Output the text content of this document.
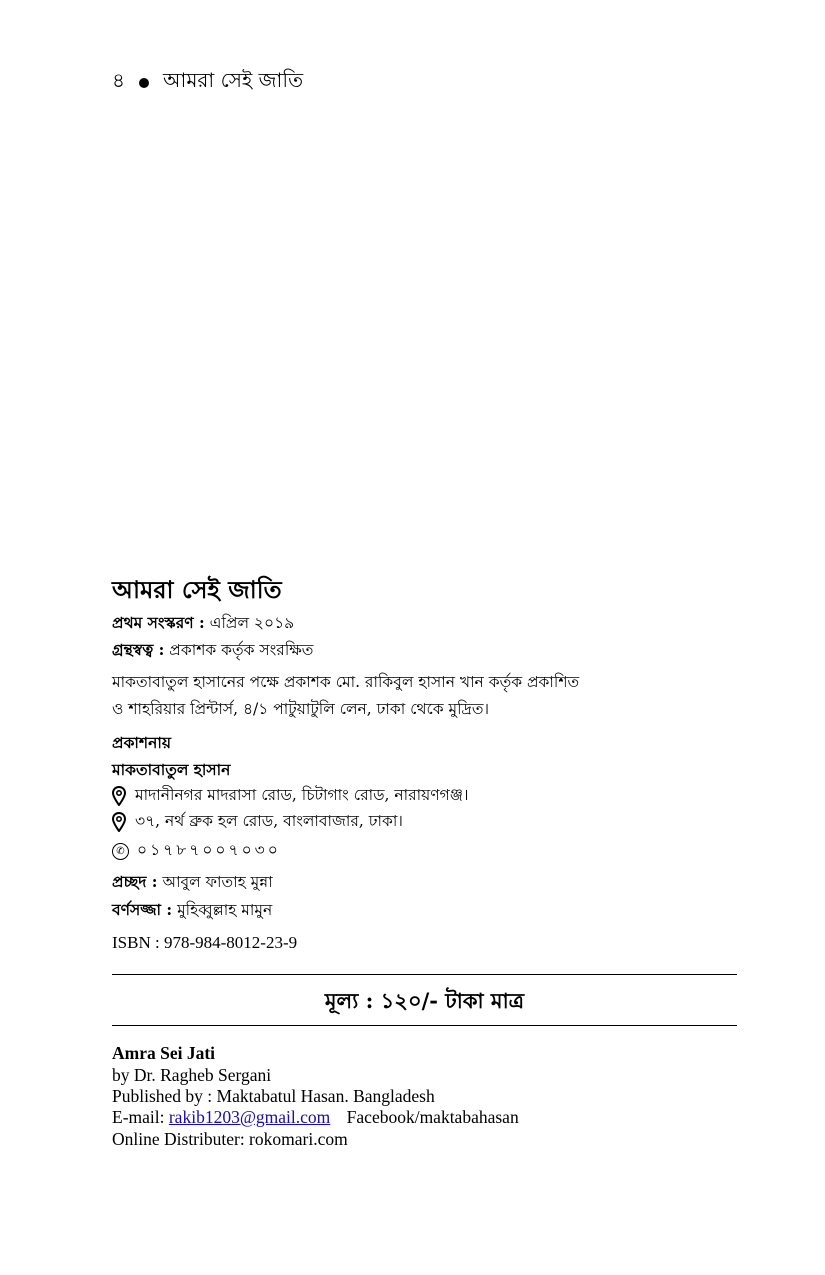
৪ আমরা সেই জাতি
আমরা সেই জাতি
প্রথম সংস্করণ : এপ্রিল ২০১৯
গ্রন্থস্বত্ব : প্রকাশক কর্তৃক সংরক্ষিত
মাকতাবাতুল হাসানের পক্ষে প্রকাশক মো. রাকিবুল হাসান খান কর্তৃক প্রকাশিত
ও শাহরিয়ার প্রিন্টার্স, ৪/১ পাটুয়াটুলি লেন, ঢাকা থেকে মুদ্রিত।
প্রকাশনায়
মাকতাবাতুল হাসান
মাদানীনগর মাদরাসা রোড, চিটাগাং রোড, নারায়ণগঞ্জ।
৩৭, নর্থ ব্রুক হল রোড, বাংলাবাজার, ঢাকা।
✆ ০১৭৮৭০০৭০৩০
প্রচ্ছদ : আবুল ফাতাহ মুন্না
বর্ণসজ্জা : মুহিব্বুল্লাহ মামুন
ISBN : 978-984-8012-23-9
মূল্য : ১২০/- টাকা মাত্র
Amra Sei Jati
by Dr. Ragheb Sergani
Published by : Maktabatul Hasan. Bangladesh
E-mail: rakib1203@gmail.com Facebook/maktabahasan
Online Distributer: rokomari.com
